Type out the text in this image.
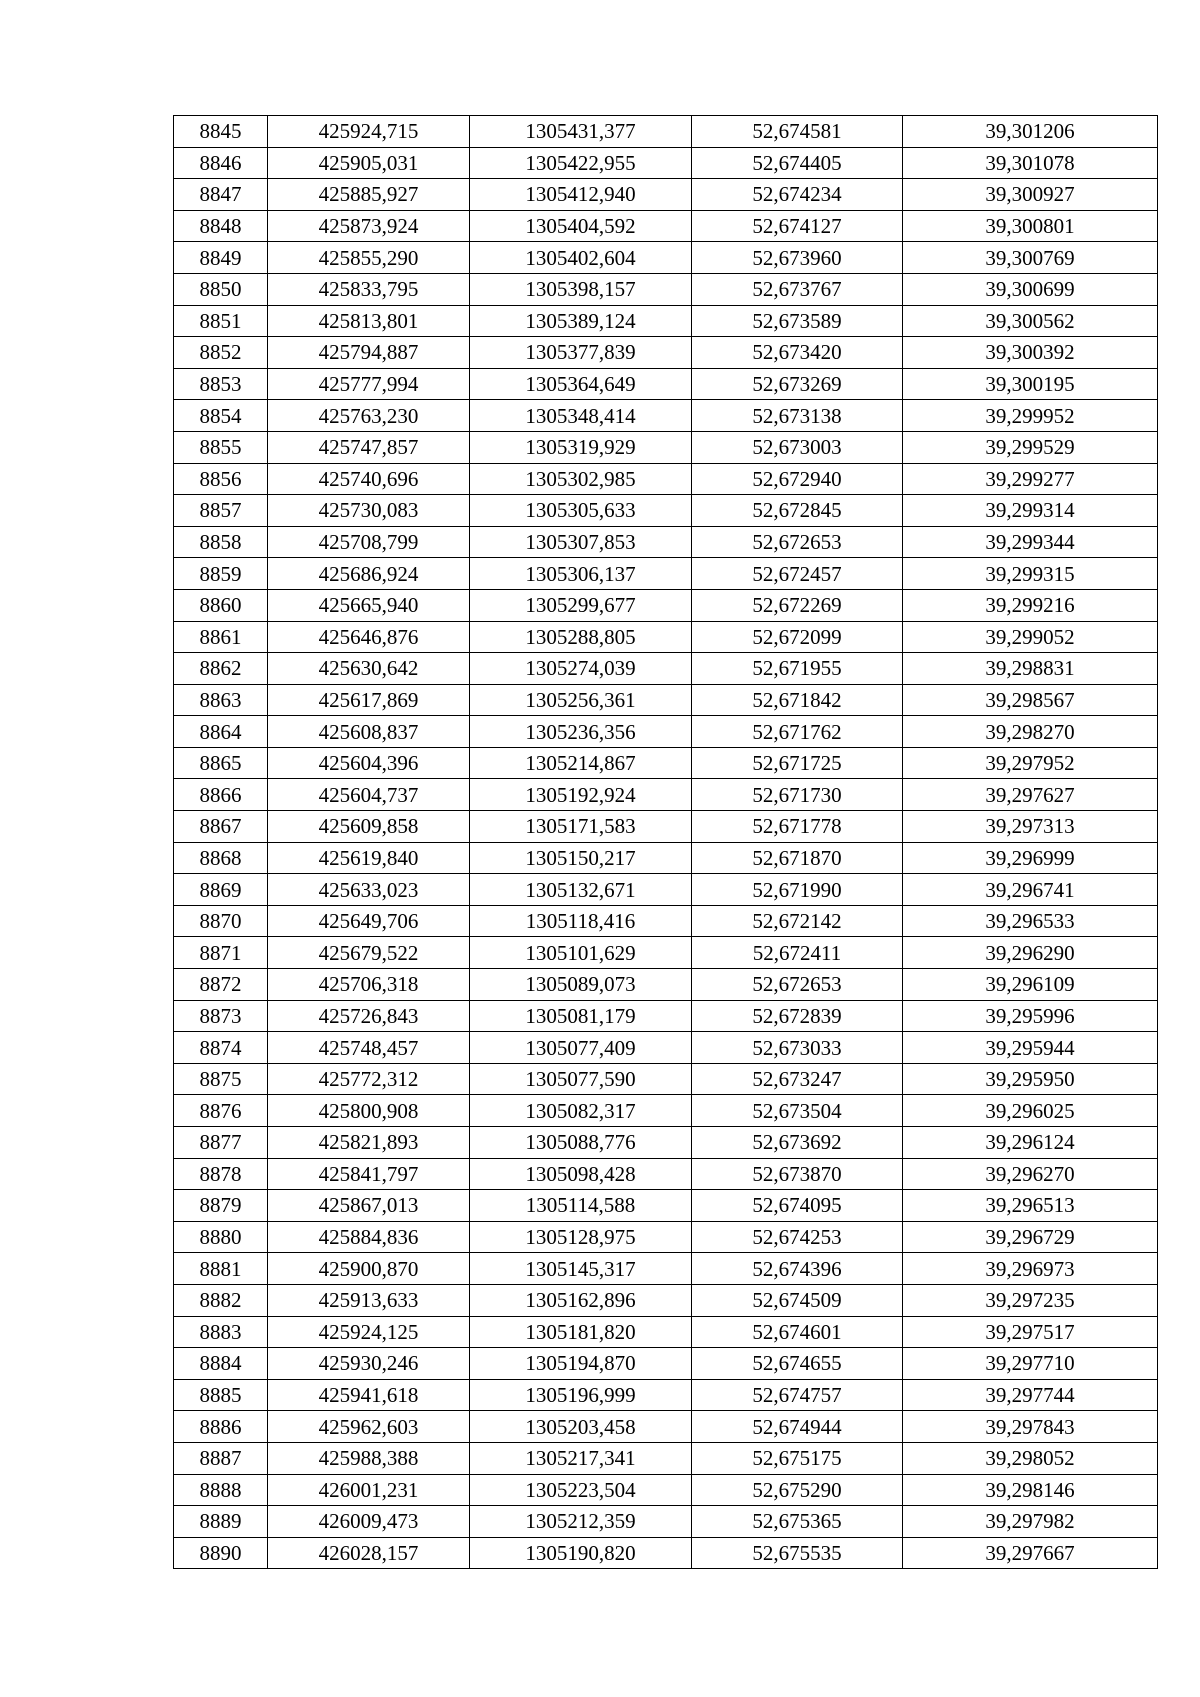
8845	425924,715	1305431,377	52,674581	39,301206
8846	425905,031	1305422,955	52,674405	39,301078
8847	425885,927	1305412,940	52,674234	39,300927
8848	425873,924	1305404,592	52,674127	39,300801
8849	425855,290	1305402,604	52,673960	39,300769
8850	425833,795	1305398,157	52,673767	39,300699
8851	425813,801	1305389,124	52,673589	39,300562
8852	425794,887	1305377,839	52,673420	39,300392
8853	425777,994	1305364,649	52,673269	39,300195
8854	425763,230	1305348,414	52,673138	39,299952
8855	425747,857	1305319,929	52,673003	39,299529
8856	425740,696	1305302,985	52,672940	39,299277
8857	425730,083	1305305,633	52,672845	39,299314
8858	425708,799	1305307,853	52,672653	39,299344
8859	425686,924	1305306,137	52,672457	39,299315
8860	425665,940	1305299,677	52,672269	39,299216
8861	425646,876	1305288,805	52,672099	39,299052
8862	425630,642	1305274,039	52,671955	39,298831
8863	425617,869	1305256,361	52,671842	39,298567
8864	425608,837	1305236,356	52,671762	39,298270
8865	425604,396	1305214,867	52,671725	39,297952
8866	425604,737	1305192,924	52,671730	39,297627
8867	425609,858	1305171,583	52,671778	39,297313
8868	425619,840	1305150,217	52,671870	39,296999
8869	425633,023	1305132,671	52,671990	39,296741
8870	425649,706	1305118,416	52,672142	39,296533
8871	425679,522	1305101,629	52,672411	39,296290
8872	425706,318	1305089,073	52,672653	39,296109
8873	425726,843	1305081,179	52,672839	39,295996
8874	425748,457	1305077,409	52,673033	39,295944
8875	425772,312	1305077,590	52,673247	39,295950
8876	425800,908	1305082,317	52,673504	39,296025
8877	425821,893	1305088,776	52,673692	39,296124
8878	425841,797	1305098,428	52,673870	39,296270
8879	425867,013	1305114,588	52,674095	39,296513
8880	425884,836	1305128,975	52,674253	39,296729
8881	425900,870	1305145,317	52,674396	39,296973
8882	425913,633	1305162,896	52,674509	39,297235
8883	425924,125	1305181,820	52,674601	39,297517
8884	425930,246	1305194,870	52,674655	39,297710
8885	425941,618	1305196,999	52,674757	39,297744
8886	425962,603	1305203,458	52,674944	39,297843
8887	425988,388	1305217,341	52,675175	39,298052
8888	426001,231	1305223,504	52,675290	39,298146
8889	426009,473	1305212,359	52,675365	39,297982
8890	426028,157	1305190,820	52,675535	39,297667
